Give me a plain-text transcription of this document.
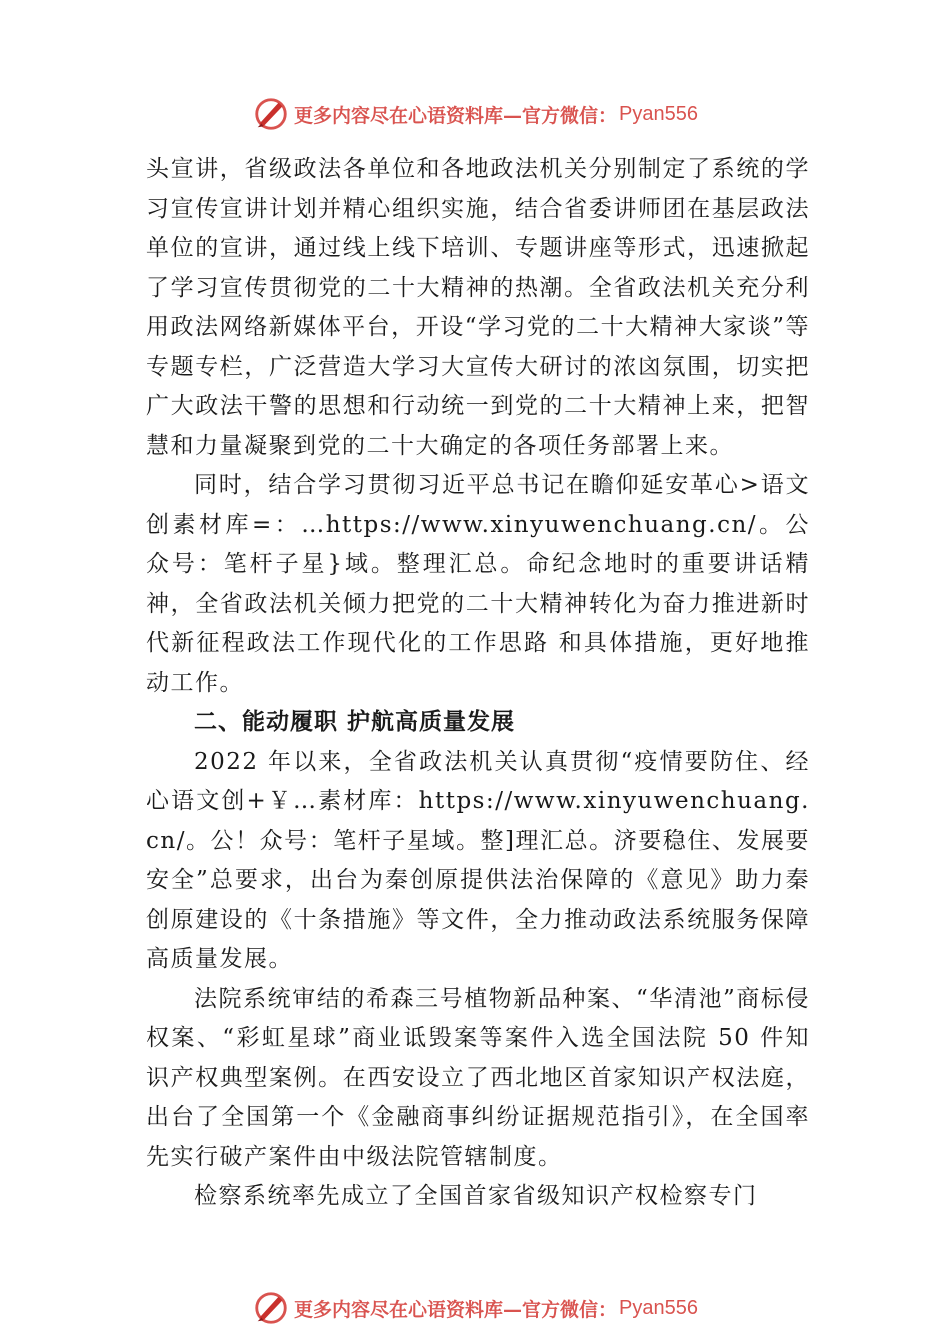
更多内容尽在心语资料库—官方微信： Pyan556

头宣讲，省级政法各单位和各地政法机关分别制定了系统的学习宣传宣讲计划并精心组织实施，结合省委讲师团在基层政法单位的宣讲，通过线上线下培训、专题讲座等形式，迅速掀起了学习宣传贯彻党的二十大精神的热潮。全省政法机关充分利用政法网络新媒体平台，开设“学习党的二十大精神大家谈”等专题专栏，广泛营造大学习大宣传大研讨的浓㓙氛围，切实把广大政法干警的思想和行动统一到党的二十大精神上来，把智慧和力量凝聚到党的二十大确定的各项任务部署上来。

同时，结合学习贯彻习近平总书记在瞻仰延安革心>语文创素材库=：…https://www.xinyuwenchuang.cn/。公众号：笔杆子星}域。整理汇总。命纪念地时的重要讲话精神，全省政法机关倾力把党的二十大精神转化为奋力推进新时代新征程政法工作现代化的工作思路 和具体措施，更好地推动工作。

二、能动履职 护航高质量发展

2022 年以来，全省政法机关认真贯彻“疫情要防住、经心语文创+￥…素材库：https://www.xinyuwenchuang.cn/。公！众号：笔杆子星域。整]理汇总。济要稳住、发展要安全”总要求，出台为秦创原提供法治保障的《意见》助力秦创原建设的《十条措施》等文件，全力推动政法系统服务保障高质量发展。

法院系统审结的希森三号植物新品种案、“华清池”商标侵权案、“彩虹星球”商业诋毁案等案件入选全国法院 50 件知识产权典型案例。在西安设立了西北地区首家知识产权法庭，出台了全国第一个《金融商事纠纷证据规范指引》，在全国率先实行破产案件由中级法院管辖制度。

检察系统率先成立了全国首家省级知识产权检察专门

更多内容尽在心语资料库—官方微信： Pyan556
